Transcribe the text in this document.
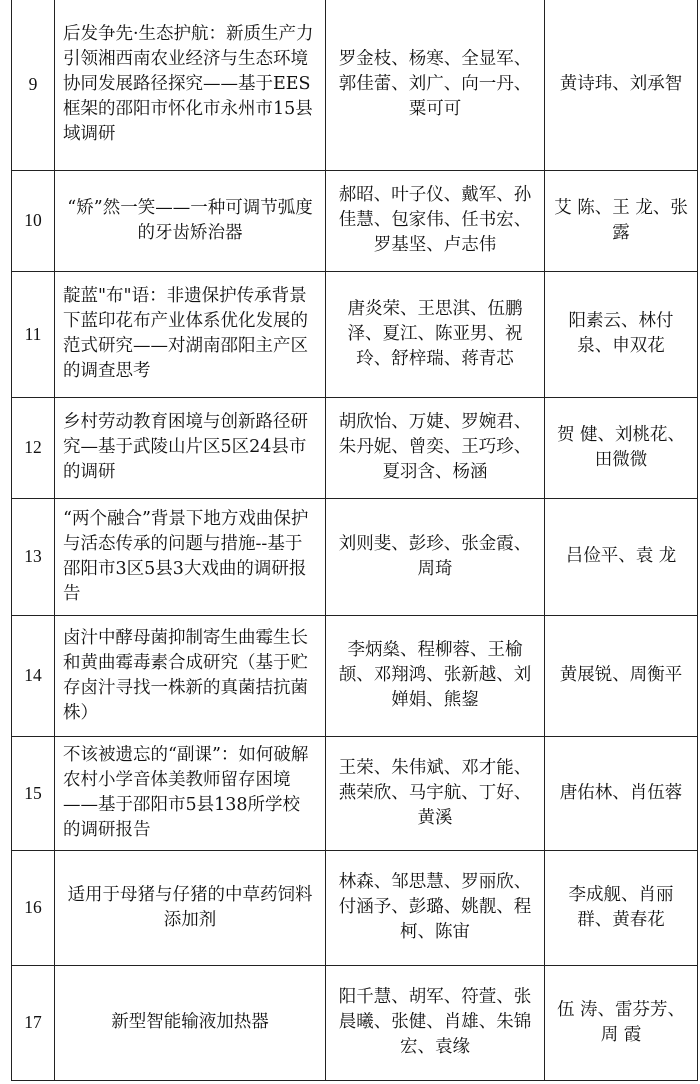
9	后发争先·生态护航：新质生产力引领湘西南农业经济与生态环境协同发展路径探究——基于EES框架的邵阳市怀化市永州市15县域调研	罗金枝、杨寒、全显军、郭佳蕾、刘广、向一丹、粟可可	黄诗玮、刘承智
10	“矫”然一笑——一种可调节弧度的牙齿矫治器	郝昭、叶子仪、戴军、孙佳慧、包家伟、任书宏、罗基坚、卢志伟	艾 陈、王 龙、张 露
11	靛蓝"布"语：非遗保护传承背景下蓝印花布产业体系优化发展的范式研究——对湖南邵阳主产区的调查思考	唐炎荣、王思淇、伍鹏泽、夏江、陈亚男、祝玲、舒梓瑞、蒋青芯	阳素云、林付泉、申双花
12	乡村劳动教育困境与创新路径研究—基于武陵山片区5区24县市的调研	胡欣怡、万婕、罗婉君、朱丹妮、曾奕、王巧珍、夏羽含、杨涵	贺 健、刘桃花、田微微
13	“两个融合”背景下地方戏曲保护与活态传承的问题与措施--基于邵阳市3区5县3大戏曲的调研报告	刘则斐、彭珍、张金霞、周琦	吕俭平、袁 龙
14	卤汁中酵母菌抑制寄生曲霉生长和黄曲霉毒素合成研究（基于贮存卤汁寻找一株新的真菌拮抗菌株）	李炳燊、程柳蓉、王榆颉、邓翔鸿、张新越、刘婵娟、熊鋆	黄展锐、周衡平
15	不该被遗忘的“副课”：如何破解农村小学音体美教师留存困境——基于邵阳市5县138所学校的调研报告	王荣、朱伟斌、邓才能、燕荣欣、马宇航、丁好、黄溪	唐佑林、肖伍蓉
16	适用于母猪与仔猪的中草药饲料添加剂	林森、邹思慧、罗丽欣、付涵予、彭璐、姚靓、程柯、陈宙	李成舰、肖丽群、黄春花
17	新型智能输液加热器	阳千慧、胡军、符萱、张晨曦、张健、肖雄、朱锦宏、袁缘	伍 涛、雷芬芳、周 霞
